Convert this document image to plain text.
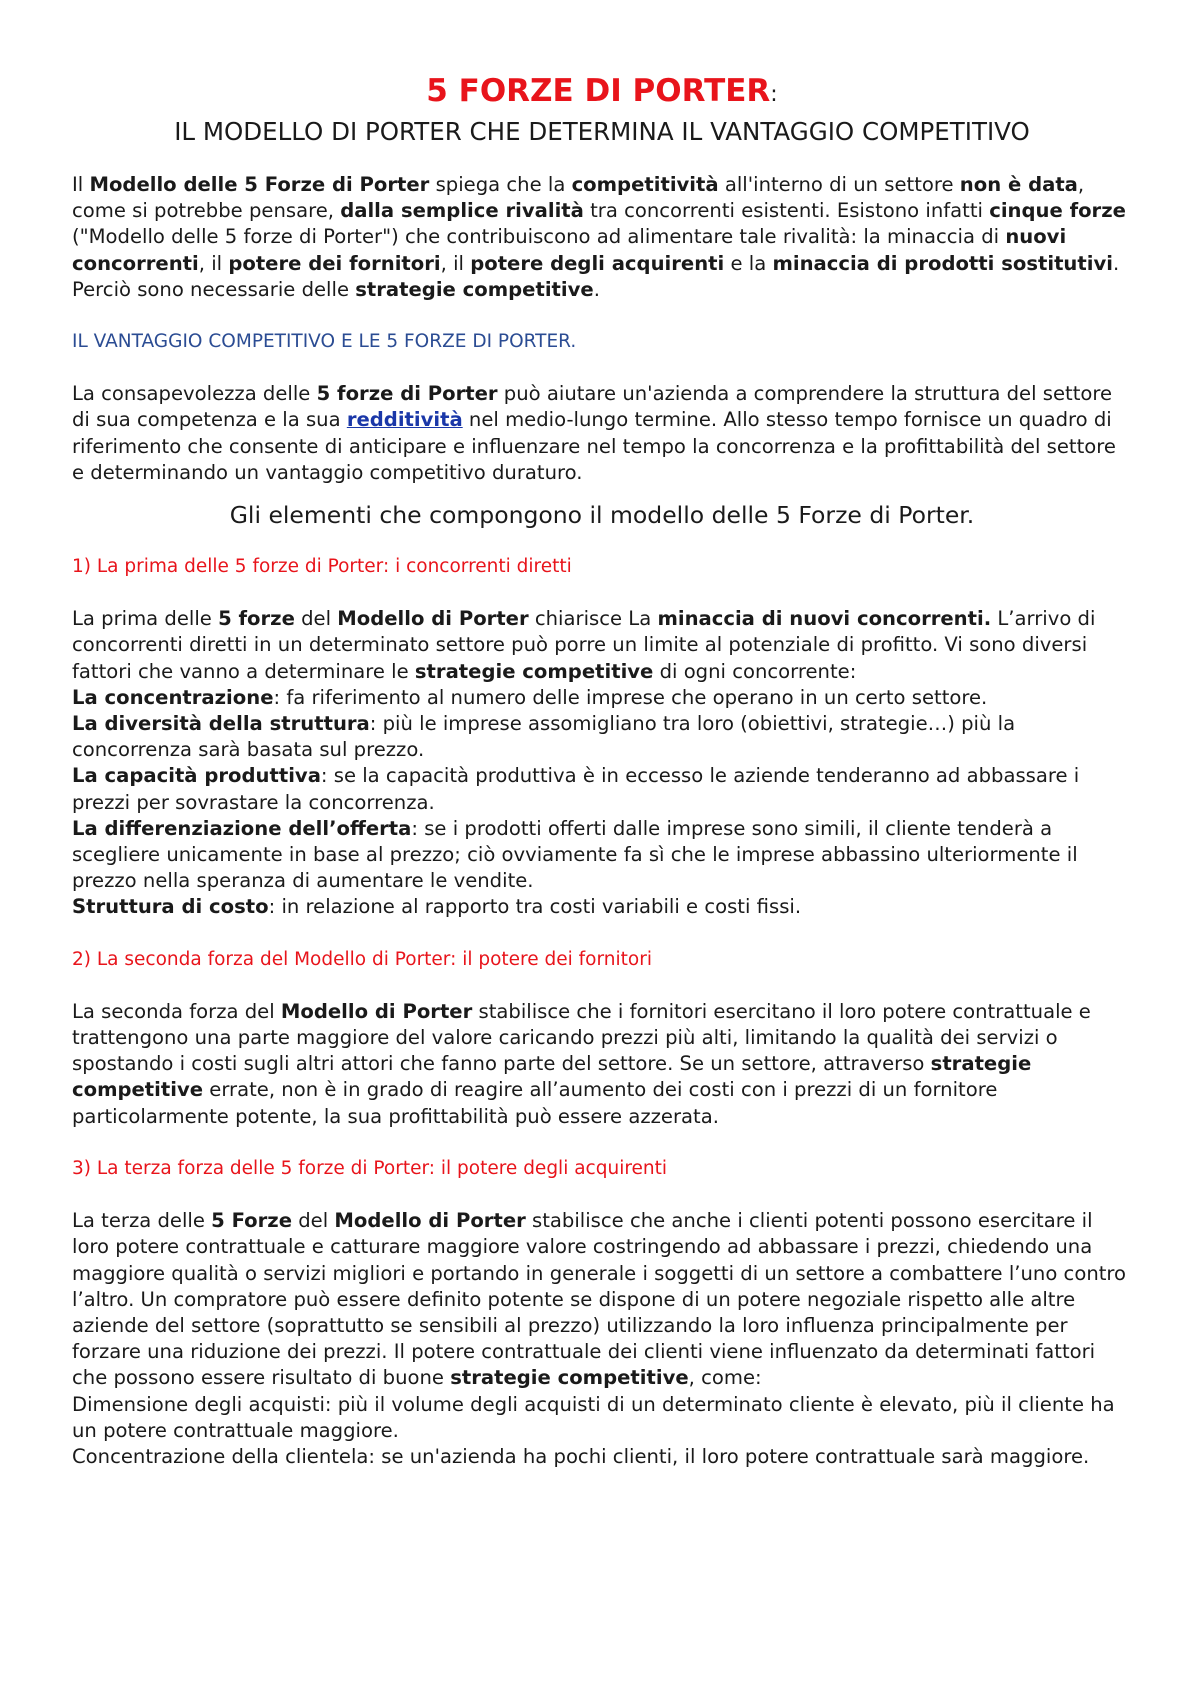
5 FORZE DI PORTER:
IL MODELLO DI PORTER CHE DETERMINA IL VANTAGGIO COMPETITIVO

Il Modello delle 5 Forze di Porter spiega che la competitività all'interno di un settore non è data, come si potrebbe pensare, dalla semplice rivalità tra concorrenti esistenti. Esistono infatti cinque forze ("Modello delle 5 forze di Porter") che contribuiscono ad alimentare tale rivalità: la minaccia di nuovi concorrenti, il potere dei fornitori, il potere degli acquirenti e la minaccia di prodotti sostitutivi. Perciò sono necessarie delle strategie competitive.

IL VANTAGGIO COMPETITIVO E LE 5 FORZE DI PORTER.

La consapevolezza delle 5 forze di Porter può aiutare un'azienda a comprendere la struttura del settore di sua competenza e la sua redditività nel medio-lungo termine. Allo stesso tempo fornisce un quadro di riferimento che consente di anticipare e influenzare nel tempo la concorrenza e la profittabilità del settore e determinando un vantaggio competitivo duraturo.

Gli elementi che compongono il modello delle 5 Forze di Porter.

1) La prima delle 5 forze di Porter: i concorrenti diretti

La prima delle 5 forze del Modello di Porter chiarisce La minaccia di nuovi concorrenti. L’arrivo di concorrenti diretti in un determinato settore può porre un limite al potenziale di profitto. Vi sono diversi fattori che vanno a determinare le strategie competitive di ogni concorrente:

La concentrazione: fa riferimento al numero delle imprese che operano in un certo settore.

La diversità della struttura: più le imprese assomigliano tra loro (obiettivi, strategie…) più la concorrenza sarà basata sul prezzo.

La capacità produttiva: se la capacità produttiva è in eccesso le aziende tenderanno ad abbassare i prezzi per sovrastare la concorrenza.

La differenziazione dell’offerta: se i prodotti offerti dalle imprese sono simili, il cliente tenderà a scegliere unicamente in base al prezzo; ciò ovviamente fa sì che le imprese abbassino ulteriormente il prezzo nella speranza di aumentare le vendite.

Struttura di costo: in relazione al rapporto tra costi variabili e costi fissi.

2) La seconda forza del Modello di Porter: il potere dei fornitori

La seconda forza del Modello di Porter stabilisce che i fornitori esercitano il loro potere contrattuale e trattengono una parte maggiore del valore caricando prezzi più alti, limitando la qualità dei servizi o spostando i costi sugli altri attori che fanno parte del settore. Se un settore, attraverso strategie competitive errate, non è in grado di reagire all’aumento dei costi con i prezzi di un fornitore particolarmente potente, la sua profittabilità può essere azzerata.

3) La terza forza delle 5 forze di Porter: il potere degli acquirenti

La terza delle 5 Forze del Modello di Porter stabilisce che anche i clienti potenti possono esercitare il loro potere contrattuale e catturare maggiore valore costringendo ad abbassare i prezzi, chiedendo una maggiore qualità o servizi migliori e portando in generale i soggetti di un settore a combattere l’uno contro l’altro. Un compratore può essere definito potente se dispone di un potere negoziale rispetto alle altre aziende del settore (soprattutto se sensibili al prezzo) utilizzando la loro influenza principalmente per forzare una riduzione dei prezzi. Il potere contrattuale dei clienti viene influenzato da determinati fattori che possono essere risultato di buone strategie competitive, come:

Dimensione degli acquisti: più il volume degli acquisti di un determinato cliente è elevato, più il cliente ha un potere contrattuale maggiore.

Concentrazione della clientela: se un'azienda ha pochi clienti, il loro potere contrattuale sarà maggiore.
